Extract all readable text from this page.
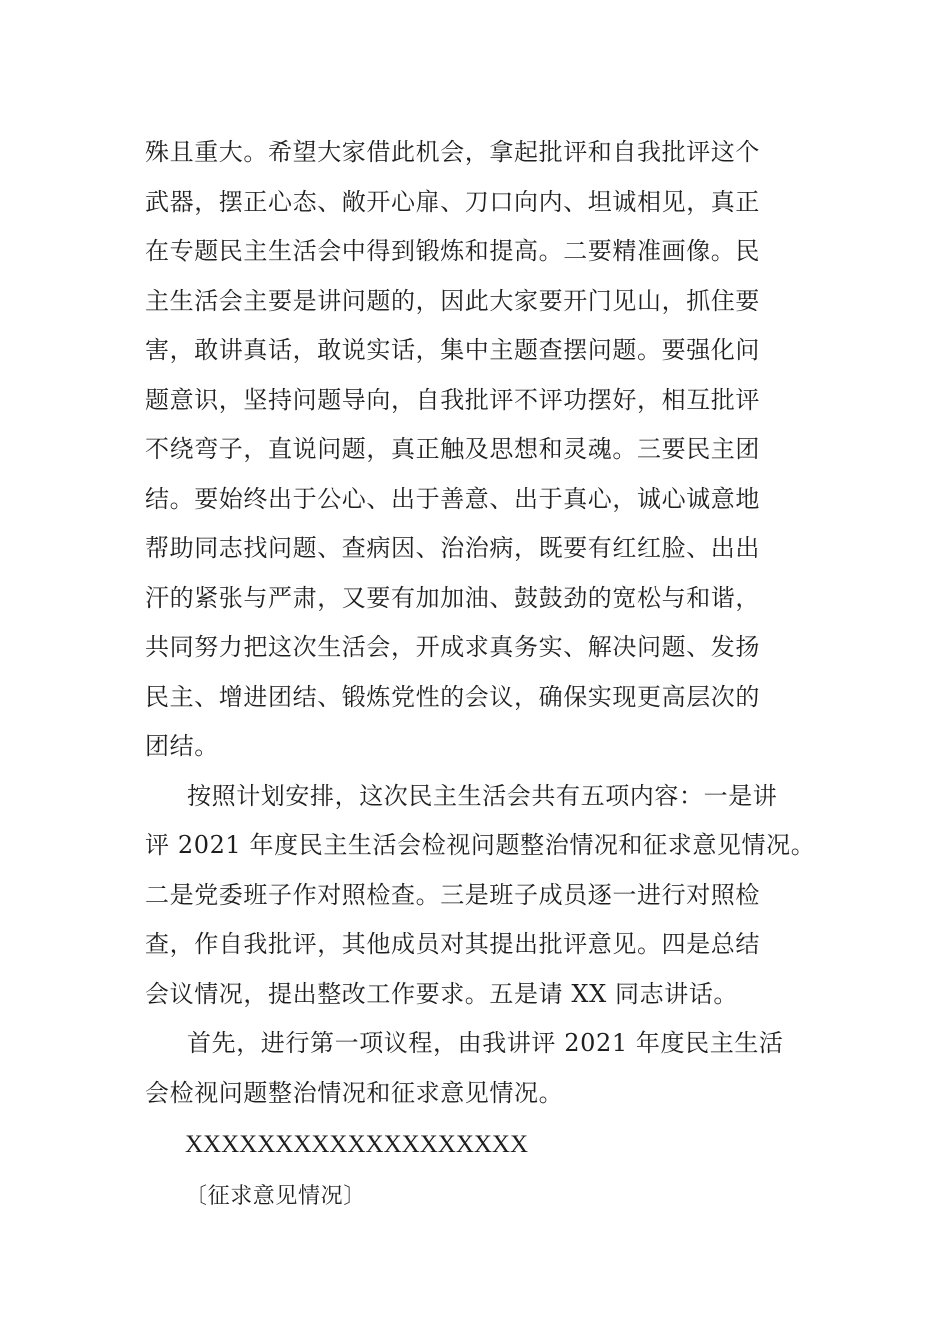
殊且重大。希望大家借此机会，拿起批评和自我批评这个
武器，摆正心态、敞开心扉、刀口向内、坦诚相见，真正
在专题民主生活会中得到锻炼和提高。二要精准画像。民
主生活会主要是讲问题的，因此大家要开门见山，抓住要
害，敢讲真话，敢说实话，集中主题查摆问题。要强化问
题意识，坚持问题导向，自我批评不评功摆好，相互批评
不绕弯子，直说问题，真正触及思想和灵魂。三要民主团
结。要始终出于公心、出于善意、出于真心，诚心诚意地
帮助同志找问题、查病因、治治病，既要有红红脸、出出
汗的紧张与严肃，又要有加加油、鼓鼓劲的宽松与和谐，
共同努力把这次生活会，开成求真务实、解决问题、发扬
民主、增进团结、锻炼党性的会议，确保实现更高层次的
团结。
按照计划安排，这次民主生活会共有五项内容：一是讲
评 2021 年度民主生活会检视问题整治情况和征求意见情况。
二是党委班子作对照检查。三是班子成员逐一进行对照检
查，作自我批评，其他成员对其提出批评意见。四是总结
会议情况，提出整改工作要求。五是请 XX 同志讲话。
首先，进行第一项议程，由我讲评 2021 年度民主生活
会检视问题整治情况和征求意见情况。
XXXXXXXXXXXXXXXXXXX
〔征求意见情况〕
